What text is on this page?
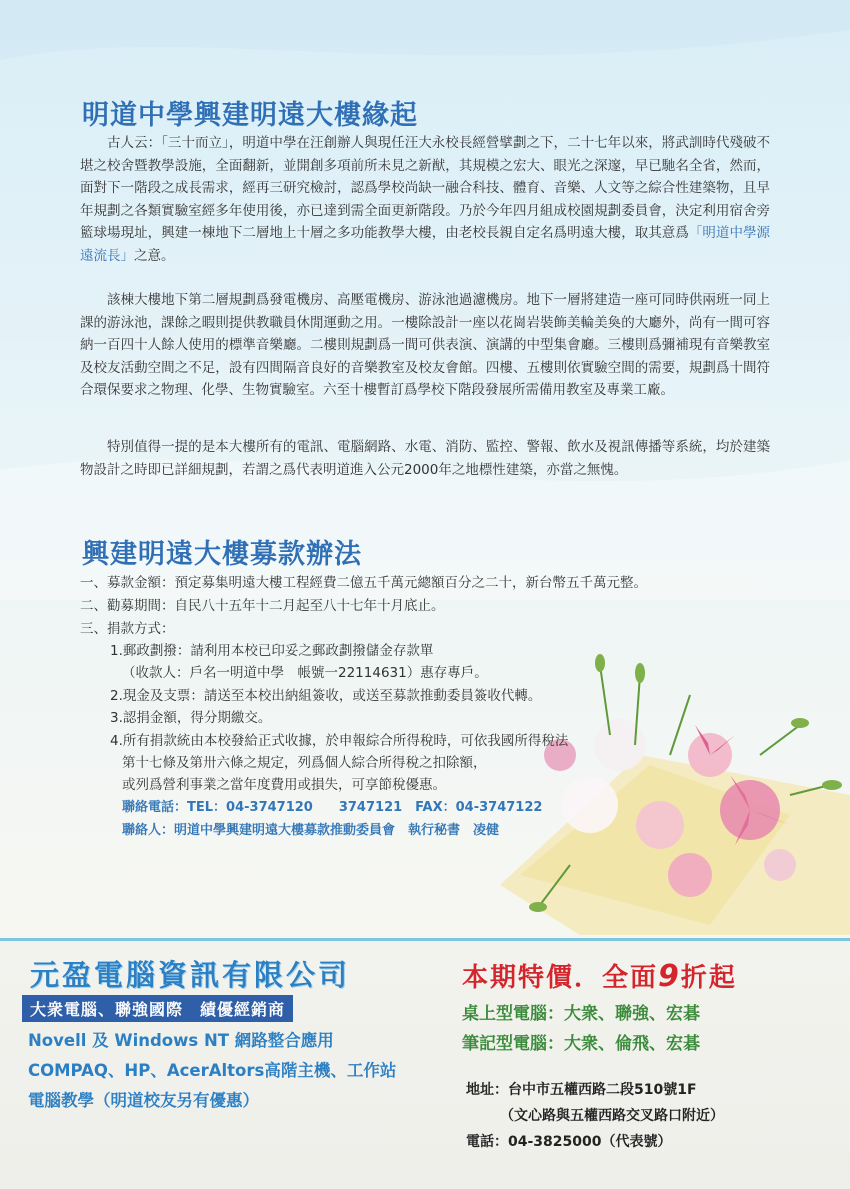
明道中學興建明遠大樓緣起

古人云：「三十而立」，明道中學在汪創辦人與現任汪大永校長經營擘劃之下，二十七年以來，將武訓時代殘破不堪之校舍暨教學設施，全面翻新，並開創多項前所未見之新猷，其規模之宏大、眼光之深邃，早已馳名全省，然而，面對下一階段之成長需求，經再三研究檢討，認爲學校尚缺一融合科技、體育、音樂、人文等之綜合性建築物，且早年規劃之各類實驗室經多年使用後，亦已達到需全面更新階段。乃於今年四月組成校園規劃委員會，決定利用宿舍旁籃球場現址，興建一棟地下二層地上十層之多功能教學大樓，由老校長親自定名爲明遠大樓，取其意爲「明道中學源遠流長」之意。

該棟大樓地下第二層規劃爲發電機房、高壓電機房、游泳池過濾機房。地下一層將建造一座可同時供兩班一同上課的游泳池，課餘之暇則提供教職員休閒運動之用。一樓除設計一座以花崗岩裝飾美輪美奐的大廳外，尚有一間可容納一百四十人餘人使用的標準音樂廳。二樓則規劃爲一間可供表演、演講的中型集會廳。三樓則爲彌補現有音樂教室及校友活動空間之不足，設有四間隔音良好的音樂教室及校友會館。四樓、五樓則依實驗空間的需要，規劃爲十間符合環保要求之物理、化學、生物實驗室。六至十樓暫訂爲學校下階段發展所需備用教室及專業工廠。

特別值得一提的是本大樓所有的電訊、電腦網路、水電、消防、監控、警報、飲水及視訊傳播等系統，均於建築物設計之時即已詳細規劃，若謂之爲代表明道進入公元2000年之地標性建築，亦當之無愧。

興建明遠大樓募款辦法
一、募款金額：預定募集明遠大樓工程經費二億五千萬元總額百分之二十，新台幣五千萬元整。
二、勸募期間：自民八十五年十二月起至八十七年十月底止。
三、捐款方式：
1.郵政劃撥：請利用本校已印妥之郵政劃撥儲金存款單
（收款人：戶名一明道中學　帳號一22114631）惠存專戶。
2.現金及支票：請送至本校出納組簽收，或送至募款推動委員簽收代轉。
3.認捐金額，得分期繳交。
4.所有捐款統由本校發給正式收據，於申報綜合所得稅時，可依我國所得稅法
第十七條及第卅六條之規定，列爲個人綜合所得稅之扣除額，
或列爲營利事業之當年度費用或損失，可享節稅優惠。
聯絡電話：TEL：04-3747120　　3747121　FAX：04-3747122
聯絡人：明道中學興建明遠大樓募款推動委員會　執行秘書　凌健
元盈電腦資訊有限公司
大衆電腦、聯強國際　績優經銷商
Novell 及 Windows NT 網路整合應用
COMPAQ、HP、AcerAltors高階主機、工作站
電腦教學（明道校友另有優惠）
本期特價．全面9折起
桌上型電腦：大衆、聯強、宏碁
筆記型電腦：大衆、倫飛、宏碁
地址：台中市五權西路二段510號1F
（文心路與五權西路交叉路口附近）
電話：04-3825000（代表號）
